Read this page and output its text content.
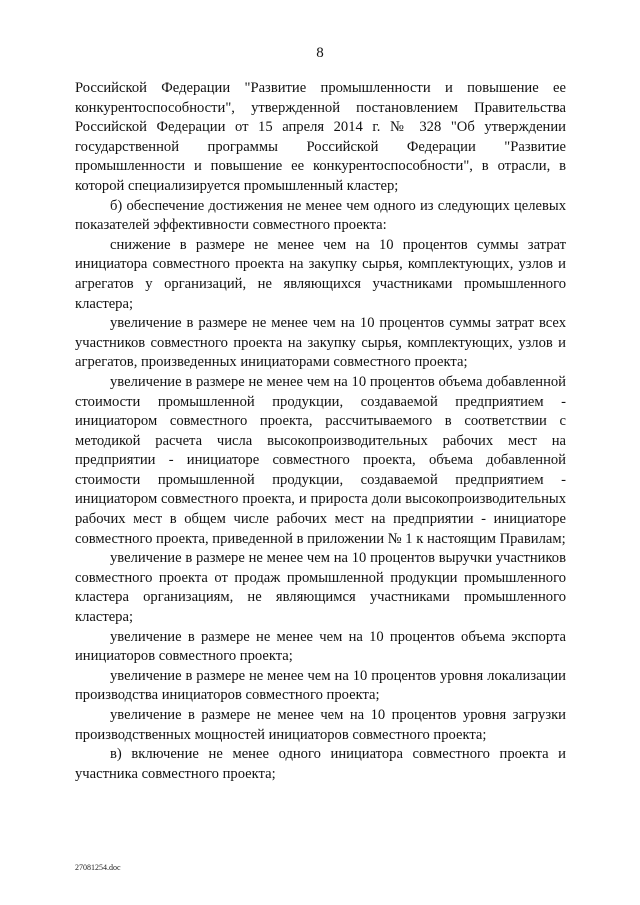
8

Российской Федерации "Развитие промышленности и повышение ее конкурентоспособности", утвержденной постановлением Правительства Российской Федерации от 15 апреля 2014 г. № 328 "Об утверждении государственной программы Российской Федерации "Развитие промышленности и повышение ее конкурентоспособности", в отрасли, в которой специализируется промышленный кластер;

б) обеспечение достижения не менее чем одного из следующих целевых показателей эффективности совместного проекта:

снижение в размере не менее чем на 10 процентов суммы затрат инициатора совместного проекта на закупку сырья, комплектующих, узлов и агрегатов у организаций, не являющихся участниками промышленного кластера;

увеличение в размере не менее чем на 10 процентов суммы затрат всех участников совместного проекта на закупку сырья, комплектующих, узлов и агрегатов, произведенных инициаторами совместного проекта;

увеличение в размере не менее чем на 10 процентов объема добавленной стоимости промышленной продукции, создаваемой предприятием - инициатором совместного проекта, рассчитываемого в соответствии с методикой расчета числа высокопроизводительных рабочих мест на предприятии - инициаторе совместного проекта, объема добавленной стоимости промышленной продукции, создаваемой предприятием - инициатором совместного проекта, и прироста доли высокопроизводительных рабочих мест в общем числе рабочих мест на предприятии - инициаторе совместного проекта, приведенной в приложении № 1 к настоящим Правилам;

увеличение в размере не менее чем на 10 процентов выручки участников совместного проекта от продаж промышленной продукции промышленного кластера организациям, не являющимся участниками промышленного кластера;

увеличение в размере не менее чем на 10 процентов объема экспорта инициаторов совместного проекта;

увеличение в размере не менее чем на 10 процентов уровня локализации производства инициаторов совместного проекта;

увеличение в размере не менее чем на 10 процентов уровня загрузки производственных мощностей инициаторов совместного проекта;

в) включение не менее одного инициатора совместного проекта и участника совместного проекта;

27081254.doc
